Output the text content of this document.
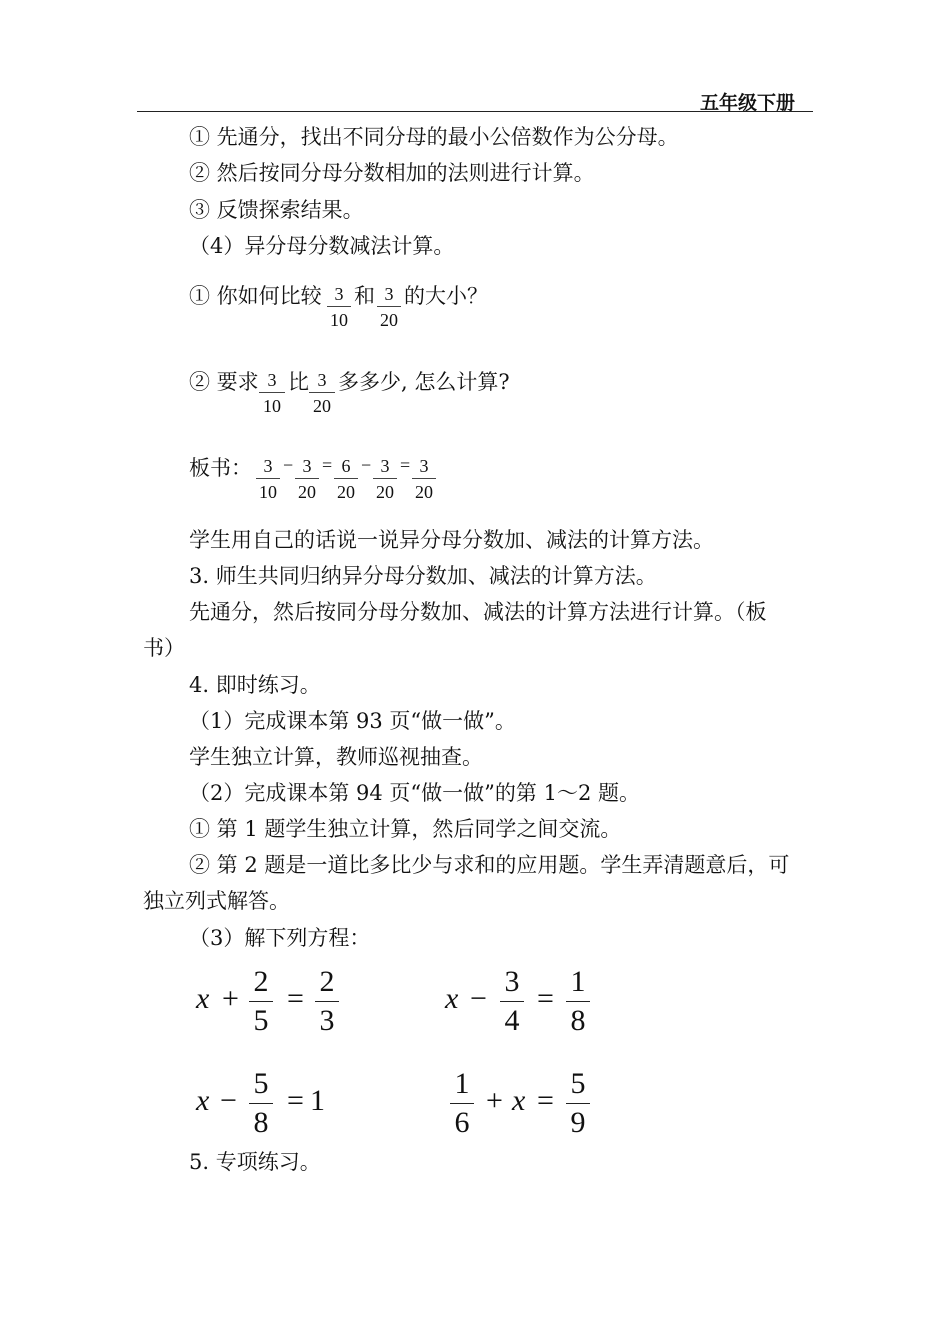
五年级下册
① 先通分，找出不同分母的最小公倍数作为公分母。
② 然后按同分母分数相加的法则进行计算。
③ 反馈探索结果。
（4）异分母分数减法计算。
① 你如何比较 3
10
和 3
20
的大小？
② 要求 3
10
比 3
20
多多少, 怎么计算?
板书： 3
10
− 3
20
= 6
20
− 3
20
= 3
20
学生用自己的话说一说异分母分数加、减法的计算方法。
3. 师生共同归纳异分母分数加、减法的计算方法。
先通分，然后按同分母分数加、减法的计算方法进行计算。（板
书）
4. 即时练习。
（1）完成课本第 93 页“做一做”。
学生独立计算，教师巡视抽查。
（2）完成课本第 94 页“做一做”的第 1～2 题。
① 第 1 题学生独立计算，然后同学之间交流。
② 第 2 题是一道比多比少与求和的应用题。学生弄清题意后，可
独立列式解答。
（3）解下列方程：
x +
2
5
=
2
3
x −
3
4
=
1
8
x −
5
8
= 1
1
6
+ x =
5
9
5. 专项练习。
